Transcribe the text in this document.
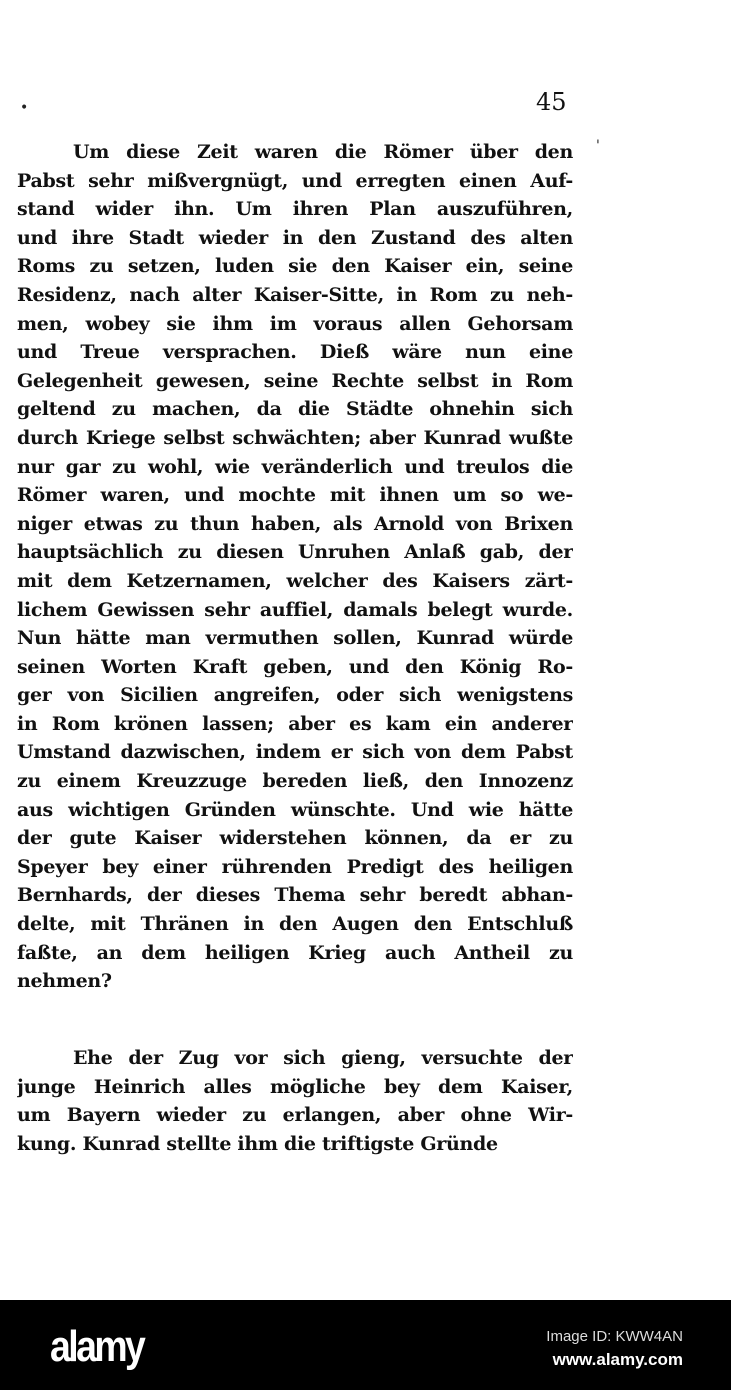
45
•
'
Um diese Zeit waren die Römer über den
Pabst sehr mißvergnügt, und erregten einen Auf-
stand wider ihn. Um ihren Plan auszuführen,
und ihre Stadt wieder in den Zustand des alten
Roms zu setzen, luden sie den Kaiser ein, seine
Residenz, nach alter Kaiser-Sitte, in Rom zu neh-
men, wobey sie ihm im voraus allen Gehorsam
und Treue versprachen. Dieß wäre nun eine
Gelegenheit gewesen, seine Rechte selbst in Rom
geltend zu machen, da die Städte ohnehin sich
durch Kriege selbst schwächten; aber Kunrad wußte
nur gar zu wohl, wie veränderlich und treulos die
Römer waren, und mochte mit ihnen um so we-
niger etwas zu thun haben, als Arnold von Brixen
hauptsächlich zu diesen Unruhen Anlaß gab, der
mit dem Ketzernamen, welcher des Kaisers zärt-
lichem Gewissen sehr auffiel, damals belegt wurde.
Nun hätte man vermuthen sollen, Kunrad würde
seinen Worten Kraft geben, und den König Ro-
ger von Sicilien angreifen, oder sich wenigstens
in Rom krönen lassen; aber es kam ein anderer
Umstand dazwischen, indem er sich von dem Pabst
zu einem Kreuzzuge bereden ließ, den Innozenz
aus wichtigen Gründen wünschte. Und wie hätte
der gute Kaiser widerstehen können, da er zu
Speyer bey einer rührenden Predigt des heiligen
Bernhards, der dieses Thema sehr beredt abhan-
delte, mit Thränen in den Augen den Entschluß
faßte, an dem heiligen Krieg auch Antheil zu
nehmen?
Ehe der Zug vor sich gieng, versuchte der
junge Heinrich alles mögliche bey dem Kaiser,
um Bayern wieder zu erlangen, aber ohne Wir-
kung. Kunrad stellte ihm die triftigste Gründe
alamy	Image ID: KWW4AN
www.alamy.com
